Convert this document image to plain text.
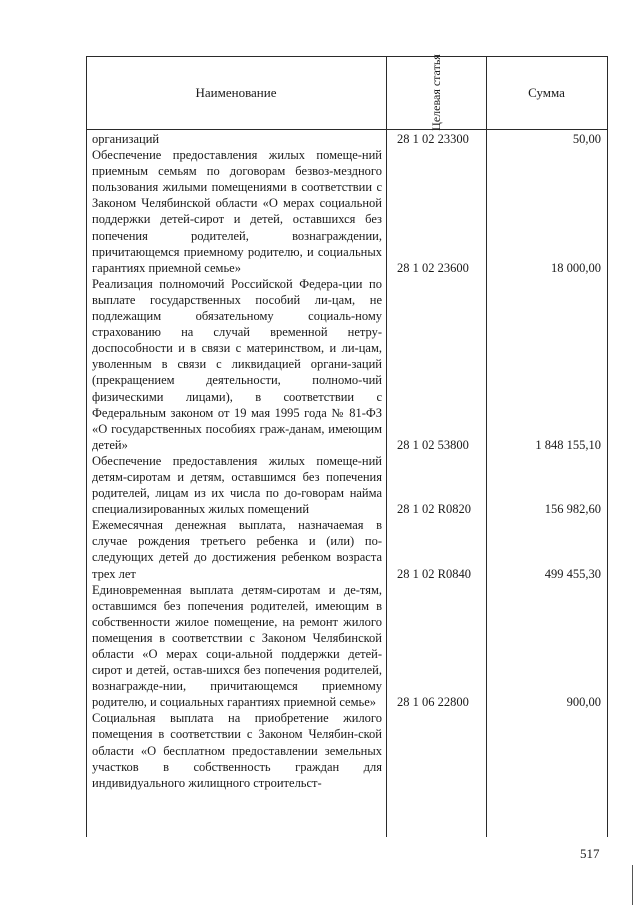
Наименование	Целевая статья	Сумма
организаций	28 1 02 23300	50,00
Обеспечение предоставления жилых помеще-ний приемным семьям по договорам безвоз-мездного пользования жилыми помещениями в соответствии с Законом Челябинской области «О мерах социальной поддержки детей-сирот и детей, оставшихся без попечения родителей, вознаграждении, причитающемся приемному родителю, и социальных гарантиях приемной семье»	28 1 02 23600	18 000,00
Реализация полномочий Российской Федера-ции по выплате государственных пособий ли-цам, не подлежащим обязательному социаль-ному страхованию на случай временной нетру-доспособности и в связи с материнством, и ли-цам, уволенным в связи с ликвидацией органи-заций (прекращением деятельности, полномо-чий физическими лицами), в соответствии с Федеральным законом от 19 мая 1995 года № 81-ФЗ «О государственных пособиях граж-данам, имеющим детей»	28 1 02 53800	1 848 155,10
Обеспечение предоставления жилых помеще-ний детям-сиротам и детям, оставшимся без попечения родителей, лицам из их числа по до-говорам найма специализированных жилых помещений	28 1 02 R0820	156 982,60
Ежемесячная денежная выплата, назначаемая в случае рождения третьего ребенка и (или) по-следующих детей до достижения ребенком возраста трех лет	28 1 02 R0840	499 455,30
Единовременная выплата детям-сиротам и де-тям, оставшимся без попечения родителей, имеющим в собственности жилое помещение, на ремонт жилого помещения в соответствии с Законом Челябинской области «О мерах соци-альной поддержки детей-сирот и детей, остав-шихся без попечения родителей, вознагражде-нии, причитающемся приемному родителю, и социальных гарантиях приемной семье»	28 1 06 22800	900,00
Социальная выплата на приобретение жилого помещения в соответствии с Законом Челябин-ской области «О бесплатном предоставлении земельных участков в собственность граждан для индивидуального жилищного строительст-
517
